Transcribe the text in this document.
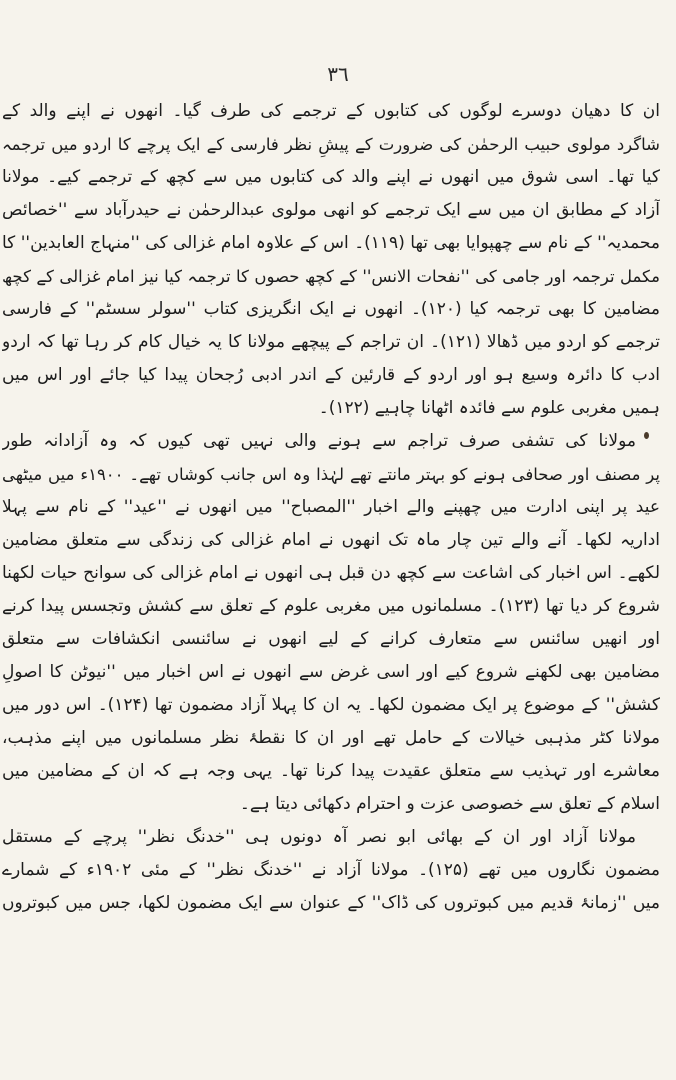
٣٦
ان کا دھیان دوسرے لوگوں کی کتابوں کے ترجمے کی طرف گیا۔ انھوں نے اپنے والد کے
شاگرد مولوی حبیب الرحمٰن کی ضرورت کے پیشِ نظر فارسی کے ایک پرچے کا اردو میں ترجمہ
کیا تھا۔ اسی شوق میں انھوں نے اپنے والد کی کتابوں میں سے کچھ کے ترجمے کیے۔ مولانا
آزاد کے مطابق ان میں سے ایک ترجمے کو انھی مولوی عبدالرحمٰن نے حیدرآباد سے ''خصائص
محمدیہ'' کے نام سے چھپوایا بھی تھا (۱۱۹)۔ اس کے علاوہ امام غزالی کی ''منہاج العابدین'' کا
مکمل ترجمہ اور جامی کی ''نفحات الانس'' کے کچھ حصوں کا ترجمہ کیا نیز امام غزالی کے کچھ
مضامین کا بھی ترجمہ کیا (۱۲۰)۔ انھوں نے ایک انگریزی کتاب ''سولر سسٹم'' کے فارسی
ترجمے کو اردو میں ڈھالا (۱۲۱)۔ ان تراجم کے پیچھے مولانا کا یہ خیال کام کر رہا تھا کہ اردو
ادب کا دائرہ وسیع ہو اور اردو کے قارئین کے اندر ادبی رُجحان پیدا کیا جائے اور اس میں
ہمیں مغربی علوم سے فائدہ اٹھانا چاہیے (۱۲۲)۔
مولانا کی تشفی صرف تراجم سے ہونے والی نہیں تھی کیوں کہ وہ آزادانہ طور
پر مصنف اور صحافی ہونے کو بہتر مانتے تھے لہٰذا وہ اس جانب کوشاں تھے۔ ۱۹۰۰ء میں میٹھی
عید پر اپنی ادارت میں چھپنے والے اخبار ''المصباح'' میں انھوں نے ''عید'' کے نام سے پہلا
اداریہ لکھا۔ آنے والے تین چار ماہ تک انھوں نے امام غزالی کی زندگی سے متعلق مضامین
لکھے۔ اس اخبار کی اشاعت سے کچھ دن قبل ہی انھوں نے امام غزالی کی سوانح حیات لکھنا
شروع کر دیا تھا (۱۲۳)۔ مسلمانوں میں مغربی علوم کے تعلق سے کشش وتجسس پیدا کرنے
اور انھیں سائنس سے متعارف کرانے کے لیے انھوں نے سائنسی انکشافات سے متعلق
مضامین بھی لکھنے شروع کیے اور اسی غرض سے انھوں نے اس اخبار میں ''نیوٹن کا اصولِ
کشش'' کے موضوع پر ایک مضمون لکھا۔ یہ ان کا پہلا آزاد مضمون تھا (۱۲۴)۔ اس دور میں
مولانا کٹر مذہبی خیالات کے حامل تھے اور ان کا نقطۂ نظر مسلمانوں میں اپنے مذہب،
معاشرے اور تہذیب سے متعلق عقیدت پیدا کرنا تھا۔ یہی وجہ ہے کہ ان کے مضامین میں
اسلام کے تعلق سے خصوصی عزت و احترام دکھائی دیتا ہے۔
مولانا آزاد اور ان کے بھائی ابو نصر آہ دونوں ہی ''خدنگ نظر'' پرچے کے مستقل
مضمون نگاروں میں تھے (۱۲۵)۔ مولانا آزاد نے ''خدنگ نظر'' کے مئی ۱۹۰۲ء کے شمارے
میں ''زمانۂ قدیم میں کبوتروں کی ڈاک'' کے عنوان سے ایک مضمون لکھا، جس میں کبوتروں
